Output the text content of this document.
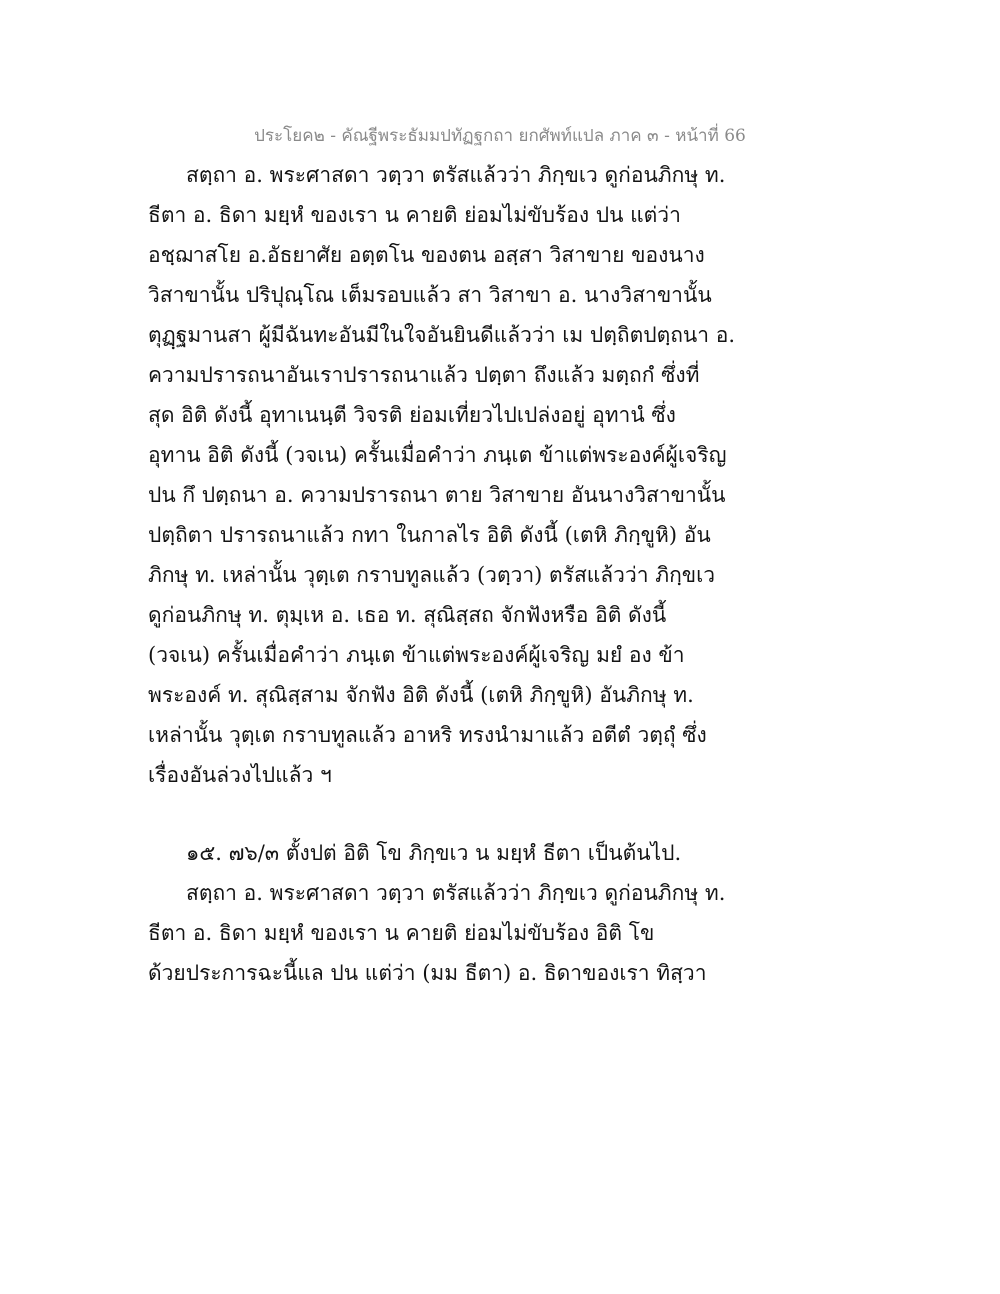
ประโยค๒ - คัณฐีพระธัมมปทัฏฐกถา ยกศัพท์แปล ภาค ๓ - หน้าที่ 66
สตฺถา อ. พระศาสดา วตฺวา ตรัสแล้วว่า ภิกฺขเว ดูก่อนภิกษุ ท.
ธีตา อ. ธิดา มยฺหํ ของเรา น คายติ ย่อมไม่ขับร้อง ปน แต่ว่า
อชฺฌาสโย อ.อัธยาศัย อตฺตโน ของตน อสฺสา วิสาขาย ของนาง
วิสาขานั้น ปริปุณฺโณ เต็มรอบแล้ว สา วิสาขา อ. นางวิสาขานั้น
ตุฏฺฐมานสา ผู้มีฉันทะอันมีในใจอันยินดีแล้วว่า เม ปตฺถิตปตฺถนา อ.
ความปรารถนาอันเราปรารถนาแล้ว ปตฺตา ถึงแล้ว มตฺถกํ ซึ่งที่
สุด อิติ ดังนี้ อุทาเนนฺตี วิจรติ ย่อมเที่ยวไปเปล่งอยู่ อุทานํ ซึ่ง
อุทาน อิติ ดังนี้ (วจเน) ครั้นเมื่อคำว่า ภนฺเต ข้าแต่พระองค์ผู้เจริญ
ปน กึ ปตฺถนา อ. ความปรารถนา ตาย วิสาขาย อันนางวิสาขานั้น
ปตฺถิตา ปรารถนาแล้ว กทา ในกาลไร อิติ ดังนี้ (เตหิ ภิกฺขูหิ) อัน
ภิกษุ ท. เหล่านั้น วุตฺเต กราบทูลแล้ว (วตฺวา) ตรัสแล้วว่า ภิกฺขเว
ดูก่อนภิกษุ ท. ตุมฺเห อ. เธอ ท. สุณิสฺสถ จักฟังหรือ อิติ ดังนี้
(วจเน) ครั้นเมื่อคำว่า ภนฺเต ข้าแต่พระองค์ผู้เจริญ มยํ อง ข้า
พระองค์ ท. สุณิสฺสาม จักฟัง อิติ ดังนี้ (เตหิ ภิกฺขูหิ) อันภิกษุ ท.
เหล่านั้น วุตฺเต กราบทูลแล้ว อาหริ ทรงนำมาแล้ว อตีตํ วตฺถุํ ซึ่ง
เรื่องอันล่วงไปแล้ว ฯ
๑๕. ๗๖/๓ ตั้งปต่ อิติ โข ภิกฺขเว น มยฺหํ ธีตา เป็นต้นไป.
สตฺถา อ. พระศาสดา วตฺวา ตรัสแล้วว่า ภิกฺขเว ดูก่อนภิกษุ ท.
ธีตา อ. ธิดา มยฺหํ ของเรา น คายติ ย่อมไม่ขับร้อง อิติ โข
ด้วยประการฉะนี้แล ปน แต่ว่า (มม ธีตา) อ. ธิดาของเรา ทิสฺวา
